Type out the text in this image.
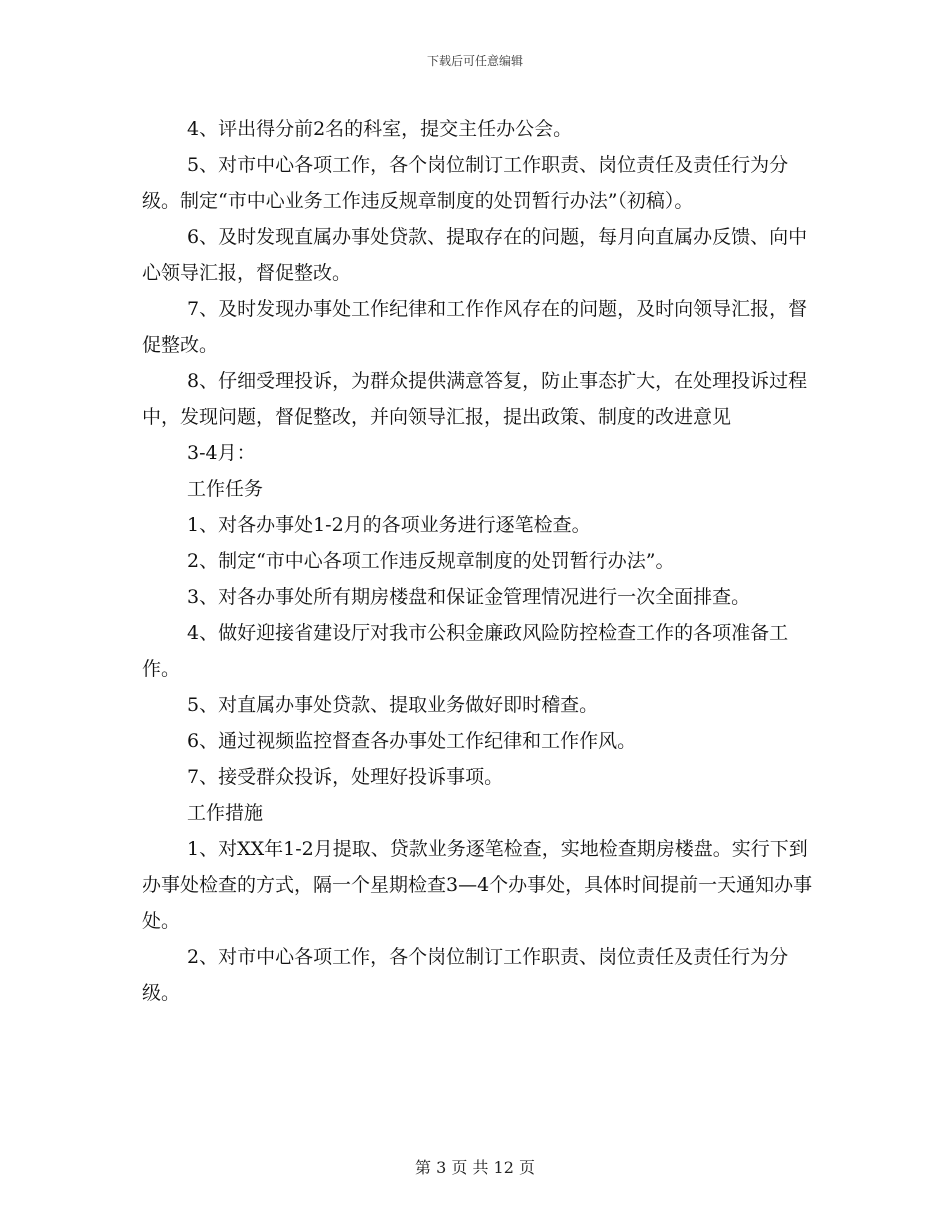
下载后可任意编辑

4、评出得分前2名的科室，提交主任办公会。

5、对市中心各项工作，各个岗位制订工作职责、岗位责任及责任行为分级。制定“市中心业务工作违反规章制度的处罚暂行办法”（初稿）。

6、及时发现直属办事处贷款、提取存在的问题，每月向直属办反馈、向中心领导汇报，督促整改。

7、及时发现办事处工作纪律和工作作风存在的问题，及时向领导汇报，督促整改。

8、仔细受理投诉，为群众提供满意答复，防止事态扩大，在处理投诉过程中，发现问题，督促整改，并向领导汇报，提出政策、制度的改进意见

3-4月：

工作任务

1、对各办事处1-2月的各项业务进行逐笔检查。

2、制定“市中心各项工作违反规章制度的处罚暂行办法”。

3、对各办事处所有期房楼盘和保证金管理情况进行一次全面排查。

4、做好迎接省建设厅对我市公积金廉政风险防控检查工作的各项准备工作。

5、对直属办事处贷款、提取业务做好即时稽查。

6、通过视频监控督查各办事处工作纪律和工作作风。

7、接受群众投诉，处理好投诉事项。

工作措施

1、对XX年1-2月提取、贷款业务逐笔检查，实地检查期房楼盘。实行下到办事处检查的方式，隔一个星期检查3—4个办事处，具体时间提前一天通知办事处。

2、对市中心各项工作，各个岗位制订工作职责、岗位责任及责任行为分级。

第 3 页 共 12 页
